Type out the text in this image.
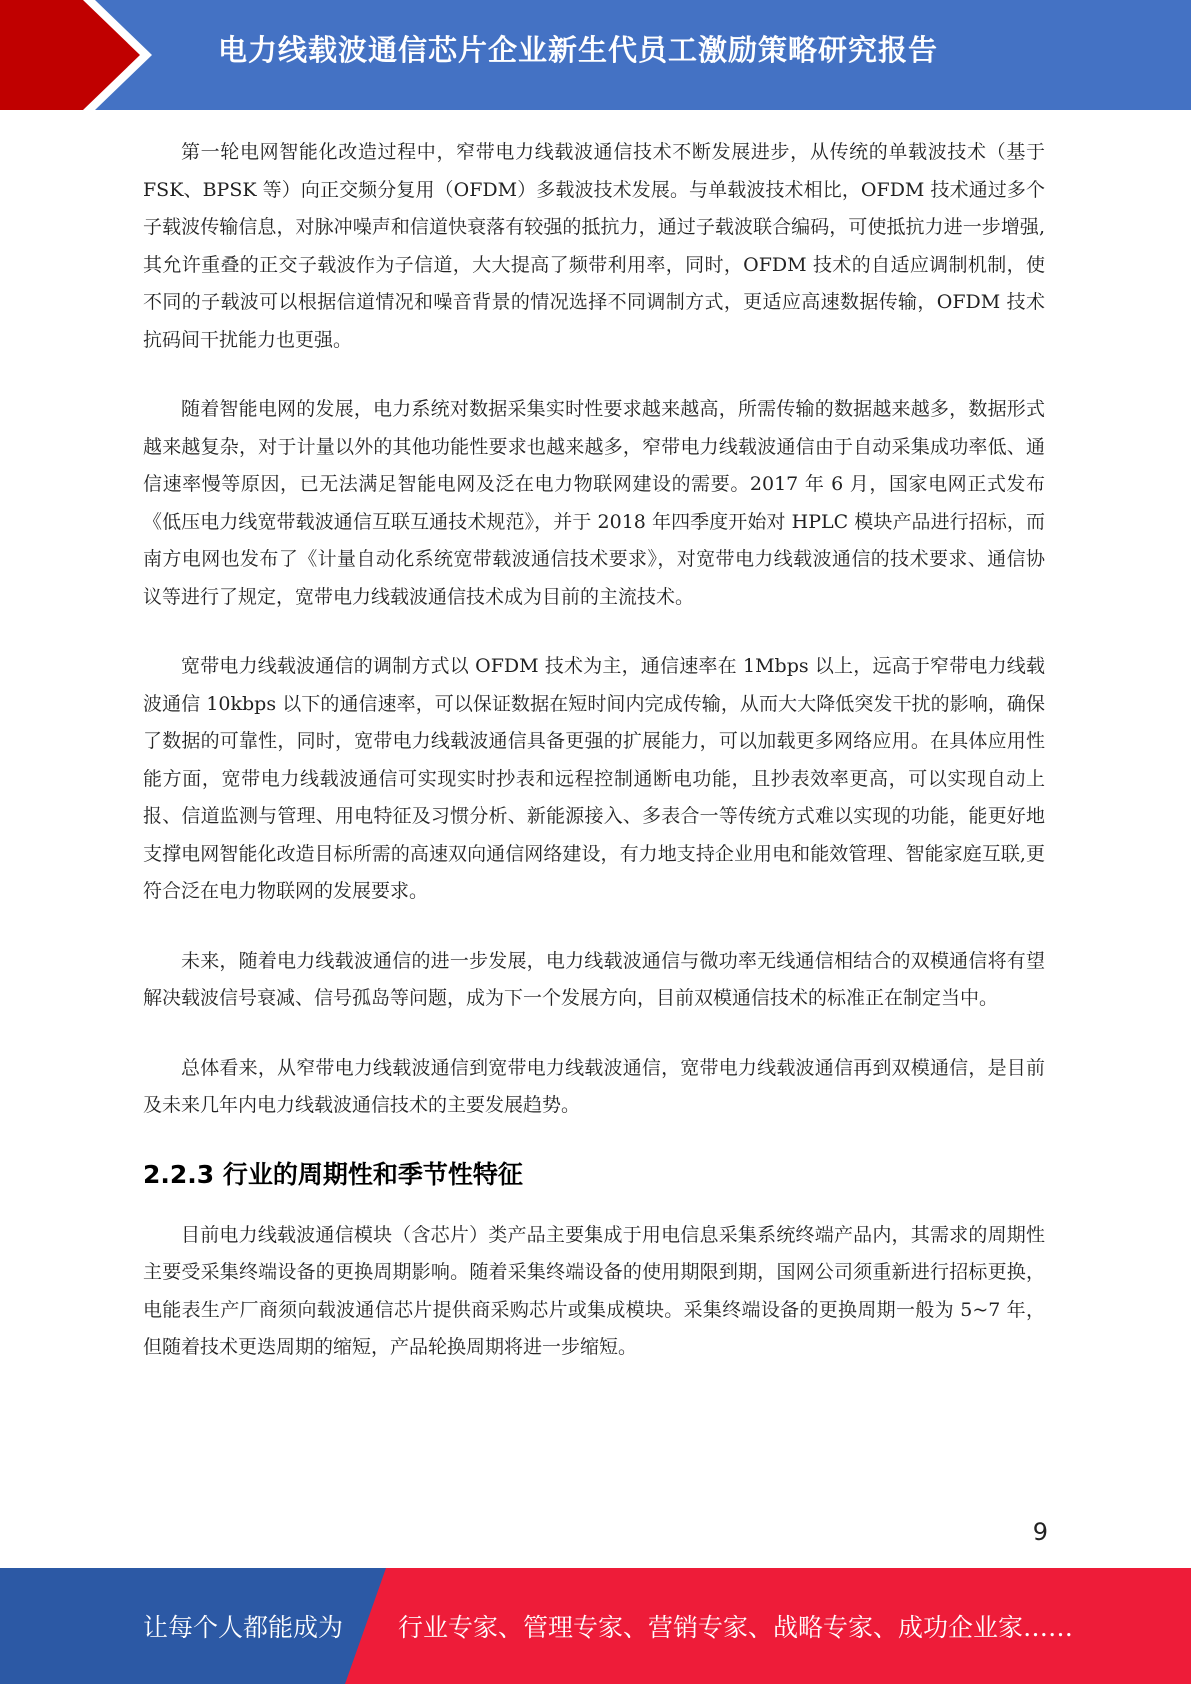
电力线载波通信芯片企业新生代员工激励策略研究报告

第一轮电网智能化改造过程中，窄带电力线载波通信技术不断发展进步，从传统的单载波技术（基于 FSK、BPSK 等）向正交频分复用（OFDM）多载波技术发展。与单载波技术相比，OFDM 技术通过多个子载波传输信息，对脉冲噪声和信道快衰落有较强的抵抗力，通过子载波联合编码，可使抵抗力进一步增强,其允许重叠的正交子载波作为子信道，大大提高了频带利用率，同时，OFDM 技术的自适应调制机制，使不同的子载波可以根据信道情况和噪音背景的情况选择不同调制方式，更适应高速数据传输，OFDM 技术抗码间干扰能力也更强。

随着智能电网的发展，电力系统对数据采集实时性要求越来越高，所需传输的数据越来越多，数据形式越来越复杂，对于计量以外的其他功能性要求也越来越多，窄带电力线载波通信由于自动采集成功率低、通信速率慢等原因，已无法满足智能电网及泛在电力物联网建设的需要。2017 年 6 月，国家电网正式发布《低压电力线宽带载波通信互联互通技术规范》，并于 2018 年四季度开始对 HPLC 模块产品进行招标，而南方电网也发布了《计量自动化系统宽带载波通信技术要求》，对宽带电力线载波通信的技术要求、通信协议等进行了规定，宽带电力线载波通信技术成为目前的主流技术。

宽带电力线载波通信的调制方式以 OFDM 技术为主，通信速率在 1Mbps 以上，远高于窄带电力线载波通信 10kbps 以下的通信速率，可以保证数据在短时间内完成传输，从而大大降低突发干扰的影响，确保了数据的可靠性，同时，宽带电力线载波通信具备更强的扩展能力，可以加载更多网络应用。在具体应用性能方面，宽带电力线载波通信可实现实时抄表和远程控制通断电功能，且抄表效率更高，可以实现自动上报、信道监测与管理、用电特征及习惯分析、新能源接入、多表合一等传统方式难以实现的功能，能更好地支撑电网智能化改造目标所需的高速双向通信网络建设，有力地支持企业用电和能效管理、智能家庭互联,更符合泛在电力物联网的发展要求。

未来，随着电力线载波通信的进一步发展，电力线载波通信与微功率无线通信相结合的双模通信将有望解决载波信号衰减、信号孤岛等问题，成为下一个发展方向，目前双模通信技术的标准正在制定当中。

总体看来，从窄带电力线载波通信到宽带电力线载波通信，宽带电力线载波通信再到双模通信，是目前及未来几年内电力线载波通信技术的主要发展趋势。

2.2.3 行业的周期性和季节性特征

目前电力线载波通信模块（含芯片）类产品主要集成于用电信息采集系统终端产品内，其需求的周期性主要受采集终端设备的更换周期影响。随着采集终端设备的使用期限到期，国网公司须重新进行招标更换，电能表生产厂商须向载波通信芯片提供商采购芯片或集成模块。采集终端设备的更换周期一般为 5~7 年，但随着技术更迭周期的缩短，产品轮换周期将进一步缩短。

9
让每个人都能成为 行业专家、管理专家、营销专家、战略专家、成功企业家……
